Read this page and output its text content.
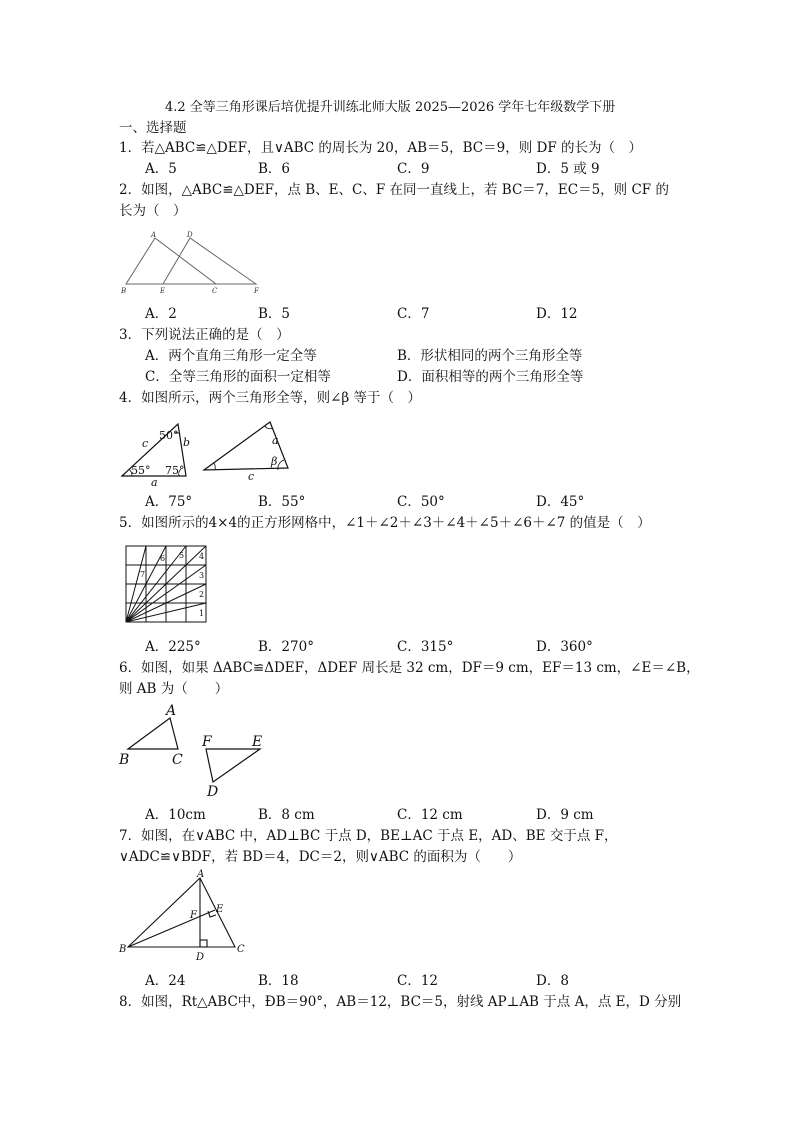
4.2 全等三角形课后培优提升训练北师大版 2025—2026 学年七年级数学下册
一、选择题
1．若△ABC≌△DEF，且∨ABC 的周长为 20，AB＝5，BC＝9，则 DF 的长为（　）
A．5	B．6	C．9	D．5 或 9
2．如图，△ABC≌△DEF，点 B、E、C、F 在同一直线上，若 BC＝7，EC＝5，则 CF 的
长为（　）
A	D
B	E	C	F
A．2	B．5	C．7	D．12
3．下列说法正确的是（　）
A．两个直角三角形一定全等	B．形状相同的两个三角形全等
C．全等三角形的面积一定相等	D．面积相等的两个三角形全等
4．如图所示，两个三角形全等，则∠β 等于（　）
c
50°
b
55° 75°
a
a
β
c
A．75°	B．55°	C．50°	D．45°
5．如图所示的4×4的正方形网格中，∠1＋∠2＋∠3＋∠4＋∠5＋∠6＋∠7 的值是（　）
1
2
3
4
5
6
7
A．225°	B．270°	C．315°	D．360°
6．如图，如果 ΔABC≌ΔDEF，ΔDEF 周长是 32 cm，DF＝9 cm，EF＝13 cm，∠E＝∠B，
则 AB 为（　　）
A
F	E
B	C
D
A．10cm	B．8 cm	C．12 cm	D．9 cm
7．如图，在∨ABC 中，AD⊥BC 于点 D，BE⊥AC 于点 E，AD、BE 交于点 F，
∨ADC≌∨BDF，若 BD＝4，DC＝2，则∨ABC 的面积为（　　）
A
E
F
B
D
C
A．24	B．18	C．12	D．8
8．如图，Rt△ABC中，ÐB＝90°，AB＝12，BC＝5，射线 AP⊥AB 于点 A，点 E，D 分别
